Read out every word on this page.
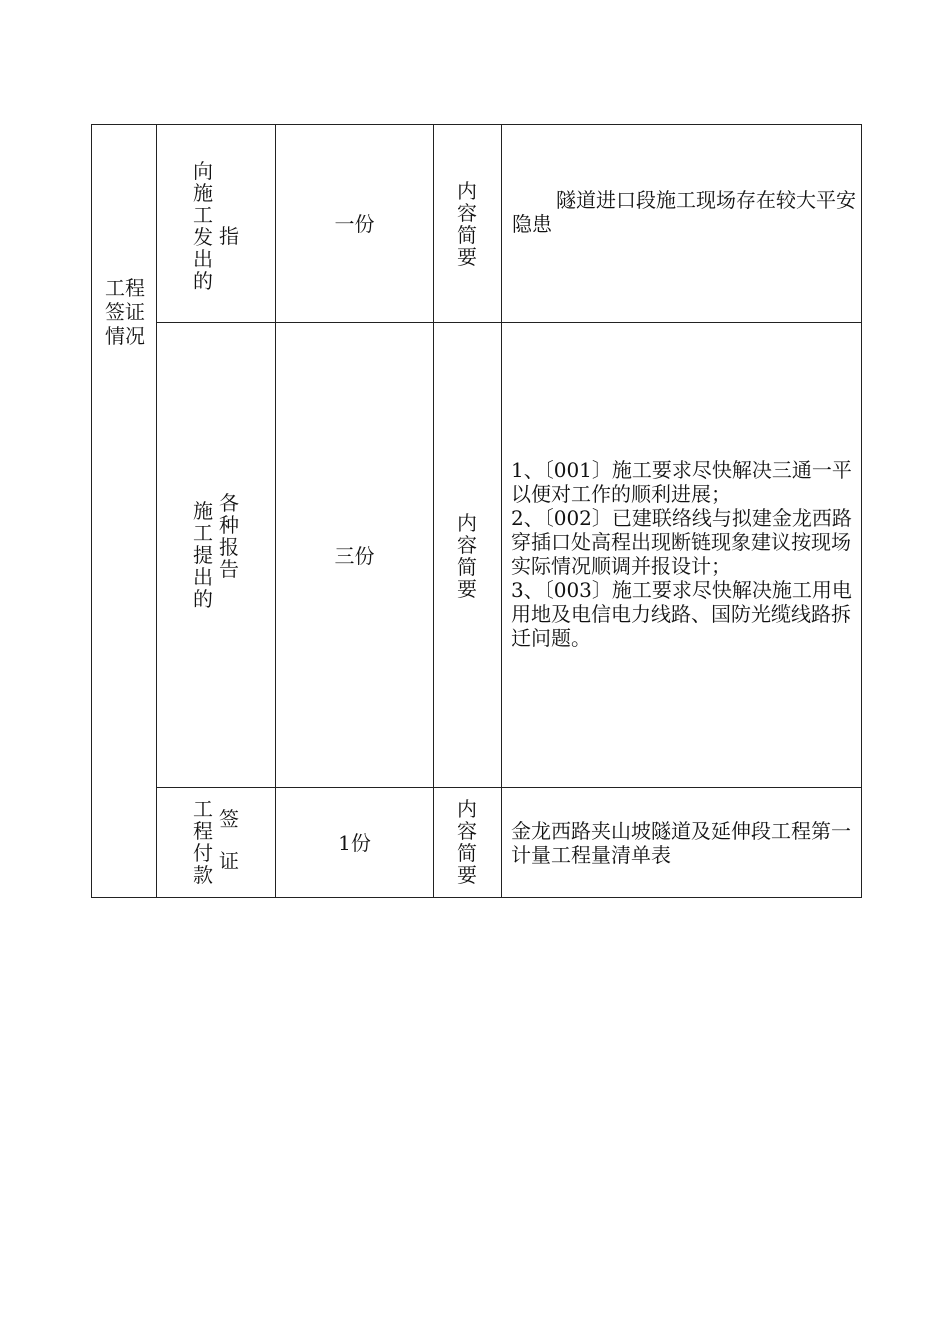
工程签证情况
向
施
工
发
出
的
指	一份
内
容
简
要
隧道进口段施工现场存在较大平安隐患
施
工
提
出
的
各
种
报
告
三份
内
容
简
要
1、〔001〕施工要求尽快解决三通一平以便对工作的顺利进展；
2、〔002〕已建联络线与拟建金龙西路穿插口处高程出现断链现象建议按现场实际情况顺调并报设计；
3、〔003〕施工要求尽快解决施工用电用地及电信电力线路、国防光缆线路拆迁问题。
工
程
付
款
签
证
1份
内
容
简
要
金龙西路夹山坡隧道及延伸段工程第一计量工程量清单表
